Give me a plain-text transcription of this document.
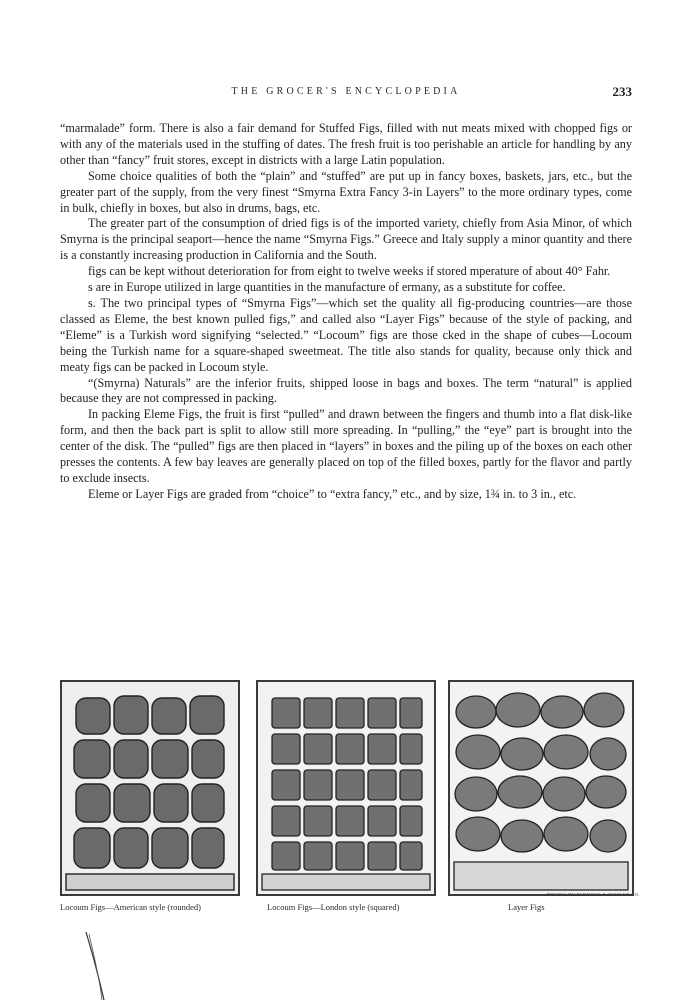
THE GROCER'S ENCYCLOPEDIA	233

“marmalade” form. There is also a fair demand for Stuffed Figs, filled with nut meats mixed with chopped figs or with any of the materials used in the stuffing of dates. The fresh fruit is too perishable an article for handling by any other than “fancy” fruit stores, except in districts with a large Latin population.

Some choice qualities of both the “plain” and “stuffed” are put up in fancy boxes, baskets, jars, etc., but the greater part of the supply, from the very finest “Smyrna Extra Fancy 3-in Layers” to the more ordinary types, come in bulk, chiefly in boxes, but also in drums, bags, etc.

The greater part of the consumption of dried figs is of the imported variety, chiefly from Asia Minor, of which Smyrna is the principal seaport—hence the name “Smyrna Figs.” Greece and Italy supply a minor quantity and there is a constantly increasing production in California and the South.

figs can be kept without deterioration for from eight to twelve weeks if stored mperature of about 40° Fahr.

s are in Europe utilized in large quantities in the manufacture of ermany, as a substitute for coffee.

s. The two principal types of “Smyrna Figs”—which set the quality all fig-producing countries—are those classed as Eleme, the best known pulled figs,” and called also “Layer Figs” because of the style of packing, and “Eleme” is a Turkish word signifying “selected.” “Locoum” figs are those cked in the shape of cubes—Locoum being the Turkish name for a square-shaped sweetmeat. The title also stands for quality, because only thick and meaty figs can be packed in Locoum style.

“(Smyrna) Naturals” are the inferior fruits, shipped loose in bags and boxes. The term “natural” is applied because they are not compressed in packing.

In packing Eleme Figs, the fruit is first “pulled” and drawn between the fingers and thumb into a flat disk-like form, and then the back part is split to allow still more spreading. In “pulling,” the “eye” part is brought into the center of the disk. The “pulled” figs are then placed in “layers” in boxes and the piling up of the boxes on each other presses the contents. A few bay leaves are generally placed on top of the filled boxes, partly for the flavor and partly to exclude insects.

Eleme or Layer Figs are graded from “choice” to “extra fancy,” etc., and by size, 1¾ in. to 3 in., etc.

PHOTOS BY PADDOCK & FOWLER CO.
Locoum Figs—American style (rounded)	Locoum Figs—London style (squared)	Layer Figs
